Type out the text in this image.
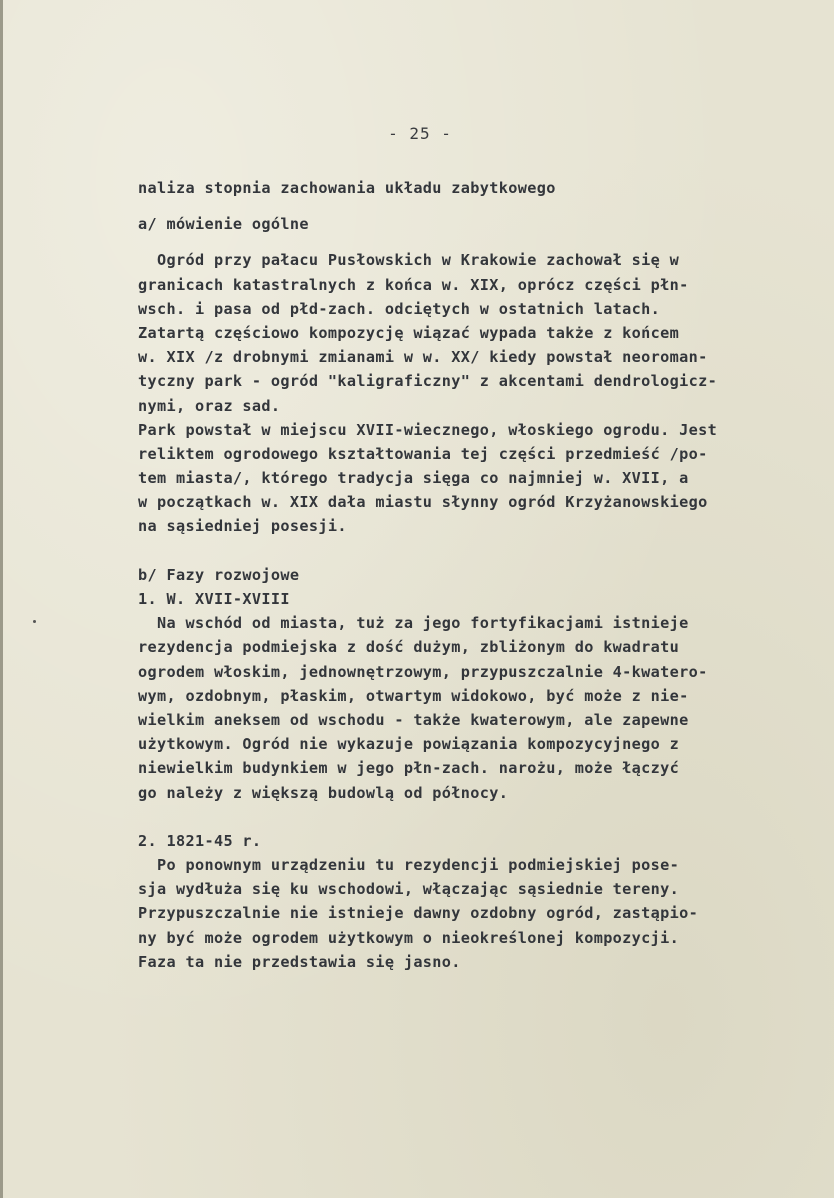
- 25 -
naliza stopnia zachowania układu zabytkowego
a/ mówienie ogólne
Ogród przy pałacu Pusłowskich w Krakowie zachował się w
granicach katastralnych z końca w. XIX, oprócz części płn-
wsch. i pasa od płd-zach. odciętych w ostatnich latach.
Zatartą częściowo kompozycję wiązać wypada także z końcem
w. XIX /z drobnymi zmianami w w. XX/ kiedy powstał neoroman-
tyczny park - ogród "kaligraficzny" z akcentami dendrologicz-
nymi, oraz sad.
Park powstał w miejscu XVII-wiecznego, włoskiego ogrodu. Jest
reliktem ogrodowego kształtowania tej części przedmieść /po-
tem miasta/, którego tradycja sięga co najmniej w. XVII, a
w początkach w. XIX dała miastu słynny ogród Krzyżanowskiego
na sąsiedniej posesji.
b/ Fazy rozwojowe
1. W. XVII-XVIII
Na wschód od miasta, tuż za jego fortyfikacjami istnieje
rezydencja podmiejska z dość dużym, zbliżonym do kwadratu
ogrodem włoskim, jednownętrzowym, przypuszczalnie 4-kwatero-
wym, ozdobnym, płaskim, otwartym widokowo, być może z nie-
wielkim aneksem od wschodu - także kwaterowym, ale zapewne
użytkowym. Ogród nie wykazuje powiązania kompozycyjnego z
niewielkim budynkiem w jego płn-zach. narożu, może łączyć
go należy z większą budowlą od północy.
2. 1821-45 r.
Po ponownym urządzeniu tu rezydencji podmiejskiej pose-
sja wydłuża się ku wschodowi, włączając sąsiednie tereny.
Przypuszczalnie nie istnieje dawny ozdobny ogród, zastąpio-
ny być może ogrodem użytkowym o nieokreślonej kompozycji.
Faza ta nie przedstawia się jasno.
